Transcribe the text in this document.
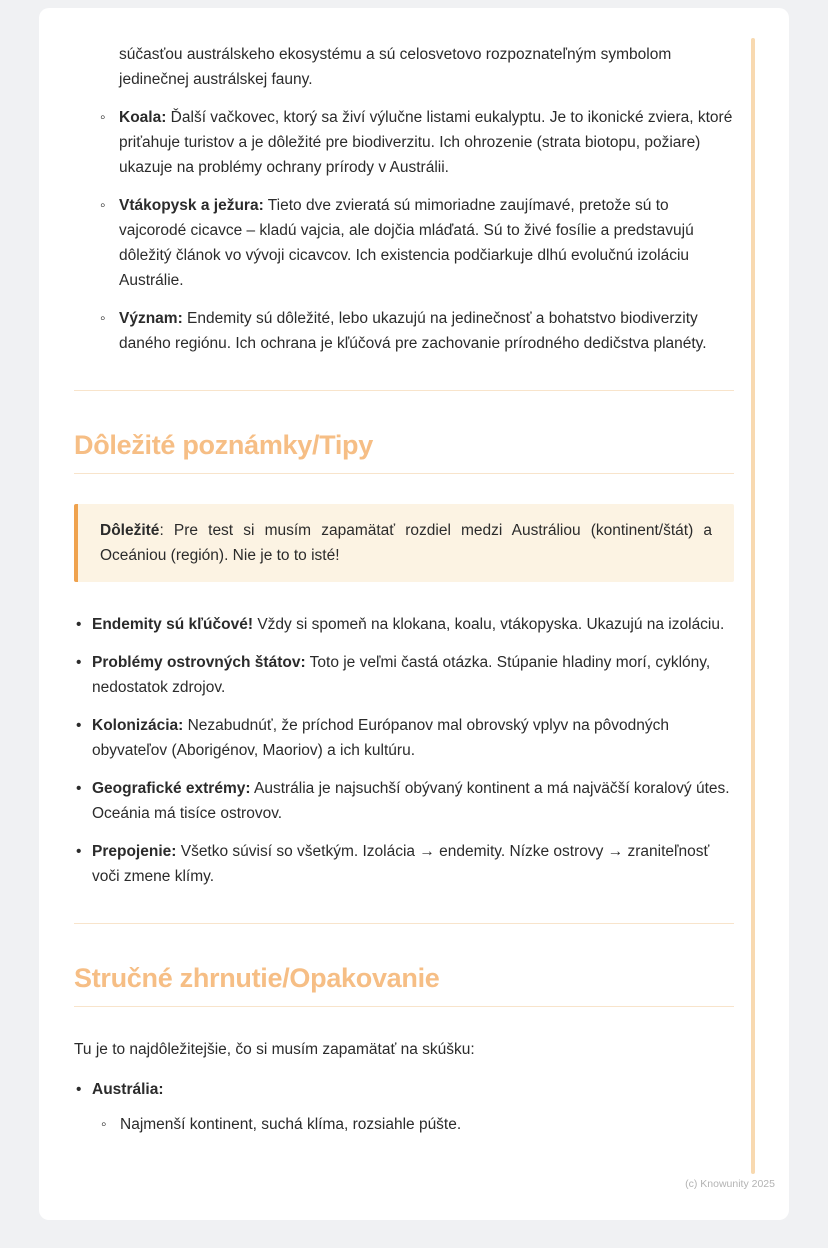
súčasťou austrálskeho ekosystému a sú celosvetovo rozpoznateľným symbolom jedinečnej austrálskej fauny.

◦ Koala: Ďalší vačkovec, ktorý sa živí výlučne listami eukalyptu. Je to ikonické zviera, ktoré priťahuje turistov a je dôležité pre biodiverzitu. Ich ohrozenie (strata biotopu, požiare) ukazuje na problémy ochrany prírody v Austrálii.
◦ Vtákopysk a ježura: Tieto dve zvieratá sú mimoriadne zaujímavé, pretože sú to vajcorodé cicavce – kladú vajcia, ale dojčia mláďatá. Sú to živé fosílie a predstavujú dôležitý článok vo vývoji cicavcov. Ich existencia podčiarkuje dlhú evolučnú izoláciu Austrálie.
◦ Význam: Endemity sú dôležité, lebo ukazujú na jedinečnosť a bohatstvo biodiverzity daného regiónu. Ich ochrana je kľúčová pre zachovanie prírodného dedičstva planéty.
Dôležité poznámky/Tipy
Dôležité: Pre test si musím zapamätať rozdiel medzi Austráliou (kontinent/štát) a Oceániou (región). Nie je to to isté!
• Endemity sú kľúčové! Vždy si spomeň na klokana, koalu, vtákopyska. Ukazujú na izoláciu.
• Problémy ostrovných štátov: Toto je veľmi častá otázka. Stúpanie hladiny morí, cyklóny, nedostatok zdrojov.
• Kolonizácia: Nezabudnúť, že príchod Európanov mal obrovský vplyv na pôvodných obyvateľov (Aborigénov, Maoriov) a ich kultúru.
• Geografické extrémy: Austrália je najsuchší obývaný kontinent a má najväčší koralový útes. Oceánia má tisíce ostrovov.
• Prepojenie: Všetko súvisí so všetkým. Izolácia → endemity. Nízke ostrovy → zraniteľnosť voči zmene klímy.
Stručné zhrnutie/Opakovanie

Tu je to najdôležitejšie, čo si musím zapamätať na skúšku:

• Austrália:
◦ Najmenší kontinent, suchá klíma, rozsiahle púšte.
(c) Knowunity 2025
